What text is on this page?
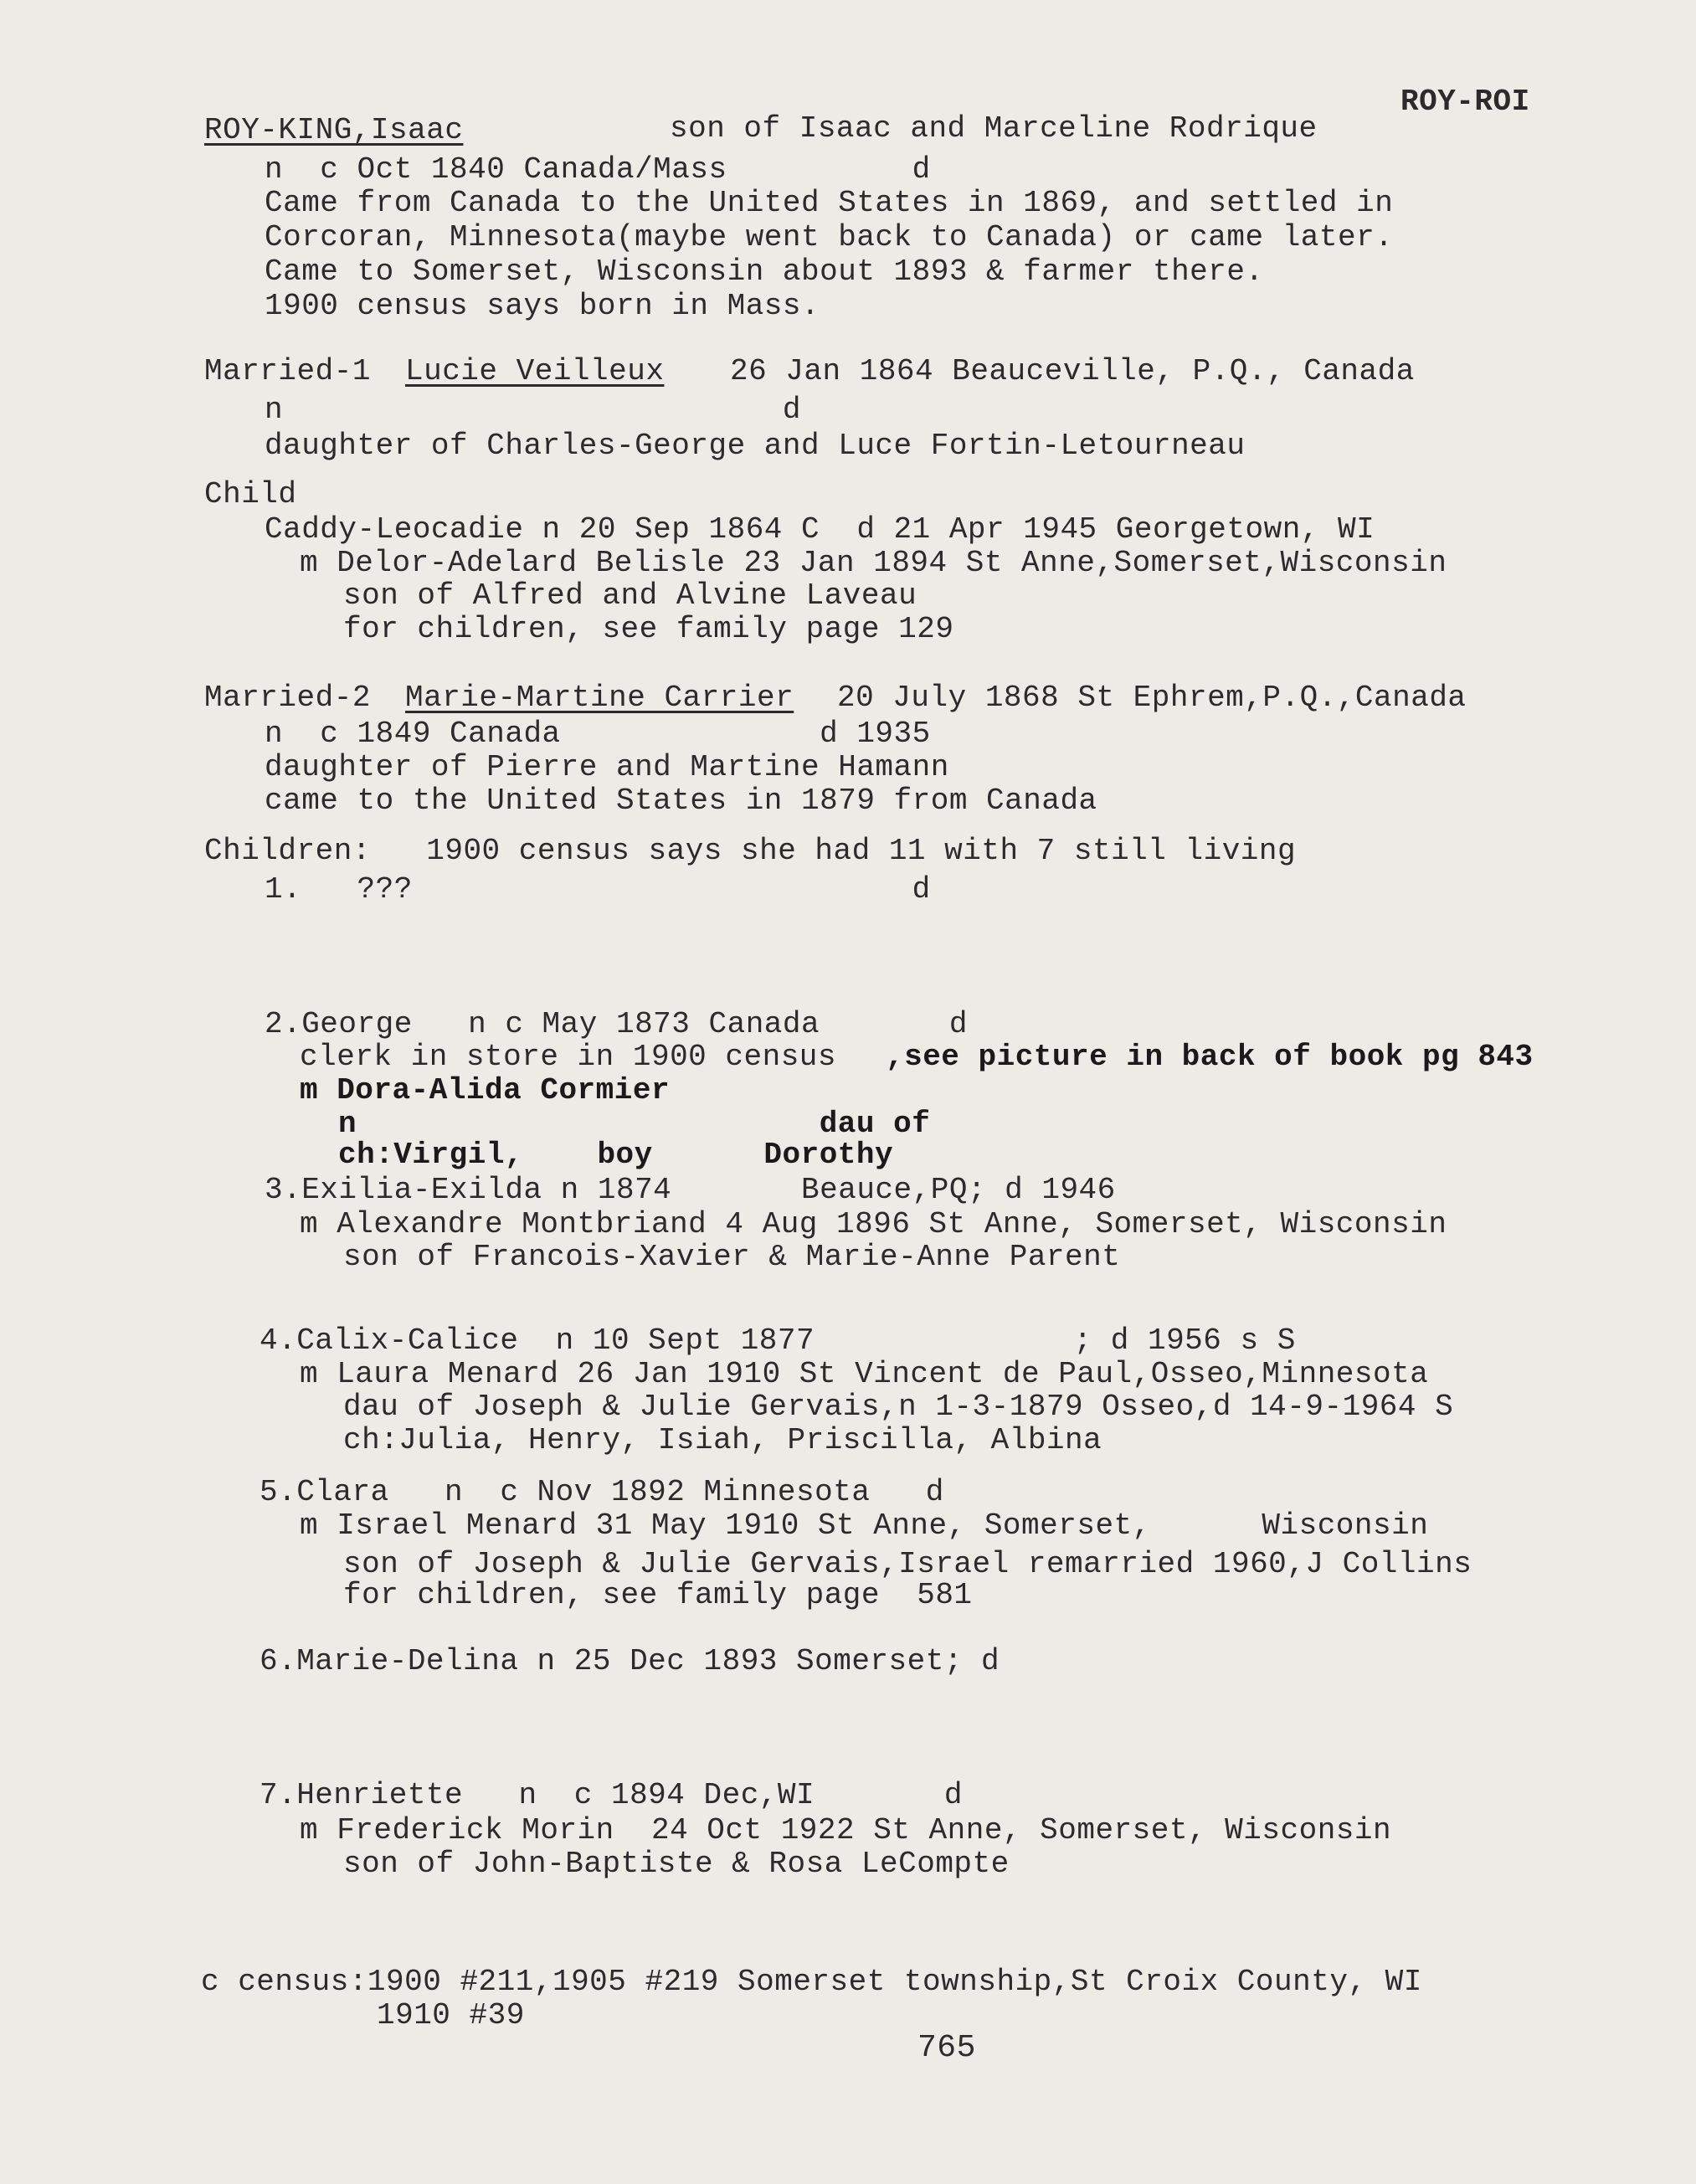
ROY-ROI
ROY-KING,Isaac	son of Isaac and Marceline Rodrique
n  c Oct 1840 Canada/Mass          d
Came from Canada to the United States in 1869, and settled in
Corcoran, Minnesota(maybe went back to Canada) or came later.
Came to Somerset, Wisconsin about 1893 & farmer there.
1900 census says born in Mass.
Married-1 Lucie Veilleux 26 Jan 1864 Beauceville, P.Q., Canada
n                           d
daughter of Charles-George and Luce Fortin-Letourneau
Child
Caddy-Leocadie n 20 Sep 1864 C  d 21 Apr 1945 Georgetown, WI
m Delor-Adelard Belisle 23 Jan 1894 St Anne,Somerset,Wisconsin
son of Alfred and Alvine Laveau
for children, see family page 129
Married-2 Marie-Martine Carrier 20 July 1868 St Ephrem,P.Q.,Canada
n  c 1849 Canada              d 1935
daughter of Pierre and Martine Hamann
came to the United States in 1879 from Canada
Children:   1900 census says she had 11 with 7 still living
1.   ???                           d
2.George   n c May 1873 Canada       d
clerk in store in 1900 census ,see picture in back of book pg 843
m Dora-Alida Cormier
n                         dau of
ch:Virgil,    boy      Dorothy
3.Exilia-Exilda n 1874       Beauce,PQ; d 1946
m Alexandre Montbriand 4 Aug 1896 St Anne, Somerset, Wisconsin
son of Francois-Xavier & Marie-Anne Parent
4.Calix-Calice  n 10 Sept 1877              ; d 1956 s S
m Laura Menard 26 Jan 1910 St Vincent de Paul,Osseo,Minnesota
dau of Joseph & Julie Gervais,n 1-3-1879 Osseo,d 14-9-1964 S
ch:Julia, Henry, Isiah, Priscilla, Albina
5.Clara   n  c Nov 1892 Minnesota   d
m Israel Menard 31 May 1910 St Anne, Somerset,      Wisconsin
son of Joseph & Julie Gervais,Israel remarried 1960,J Collins
for children, see family page  581
6.Marie-Delina n 25 Dec 1893 Somerset; d
7.Henriette   n  c 1894 Dec,WI       d
m Frederick Morin  24 Oct 1922 St Anne, Somerset, Wisconsin
son of John-Baptiste & Rosa LeCompte
c census:1900 #211,1905 #219 Somerset township,St Croix County, WI
1910 #39
765
